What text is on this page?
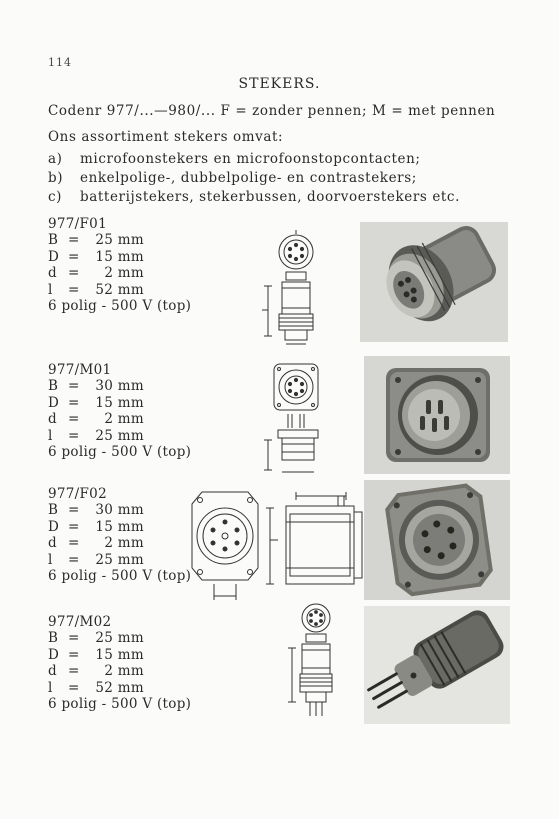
114
STEKERS.
Codenr 977/...—980/... F = zonder pennen; M = met pennen
Ons assortiment stekers omvat:
a)	microfoonstekers en microfoonstopcontacten;
b)	enkelpolige-, dubbelpolige- en contrastekers;
c)	batterijstekers, stekerbussen, doorvoerstekers etc.
977/F01
B =	25 mm
D =	15 mm
d =	2 mm
l	=	52 mm
6 polig - 500 V (top)
977/M01
B =	30 mm
D =	15 mm
d =	2 mm
l	=	25 mm
6 polig - 500 V (top)
977/F02
B =	30 mm
D =	15 mm
d =	2 mm
l	=	25 mm
6 polig - 500 V (top)
977/M02
B =	25 mm
D =	15 mm
d =	2 mm
l	=	52 mm
6 polig - 500 V (top)
